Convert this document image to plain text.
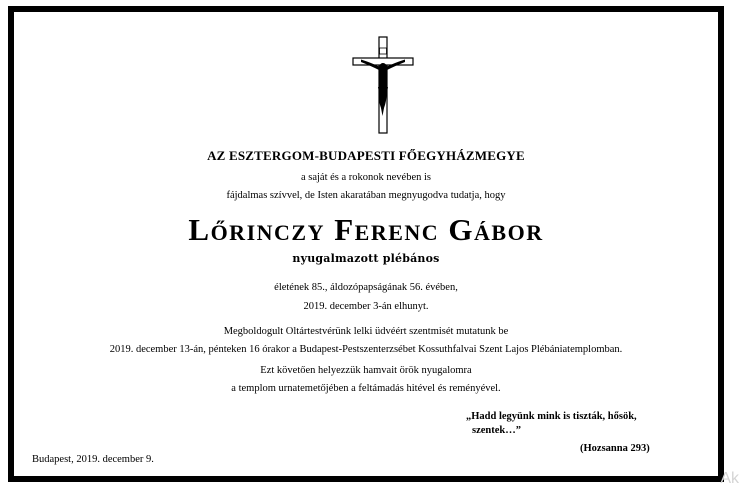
AZ ESZTERGOM-BUDAPESTI FŐEGYHÁZMEGYE
a saját és a rokonok nevében is
fájdalmas szívvel, de Isten akaratában megnyugodva tudatja, hogy
Lőrinczy Ferenc Gábor
nyugalmazott plébános
életének 85., áldozópapságának 56. évében,
2019. december 3-án elhunyt.
Megboldogult Oltártestvérünk lelki üdvéért szentmisét mutatunk be
2019. december 13-án, pénteken 16 órakor a Budapest-Pestszenterzsébet Kossuthfalvai Szent Lajos Plébániatemplomban.
Ezt követően helyezzük hamvait örök nyugalomra
a templom urnatemetőjében a feltámadás hitével és reményével.
„Hadd legyünk mink is tiszták, hősök,
szentek…”
(Hozsanna 293)
Budapest, 2019. december 9.
Ak
